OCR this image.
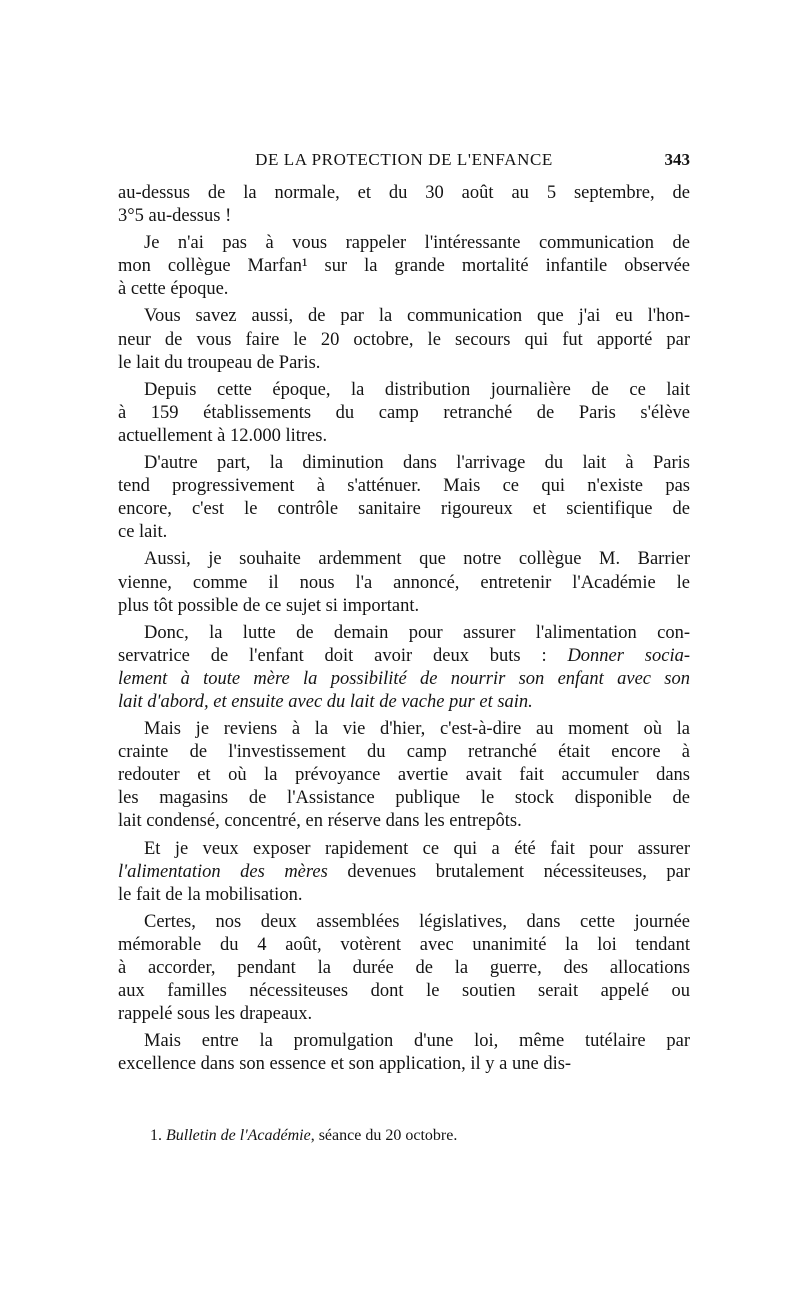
DE LA PROTECTION DE L'ENFANCE	343
au-dessus de la normale, et du 30 août au 5 septembre, de
3°5 au-dessus !
Je n'ai pas à vous rappeler l'intéressante communication de
mon collègue Marfan¹ sur la grande mortalité infantile observée
à cette époque.
Vous savez aussi, de par la communication que j'ai eu l'hon-
neur de vous faire le 20 octobre, le secours qui fut apporté par
le lait du troupeau de Paris.
Depuis cette époque, la distribution journalière de ce lait
à 159 établissements du camp retranché de Paris s'élève
actuellement à 12.000 litres.
D'autre part, la diminution dans l'arrivage du lait à Paris
tend progressivement à s'atténuer. Mais ce qui n'existe pas
encore, c'est le contrôle sanitaire rigoureux et scientifique de
ce lait.
Aussi, je souhaite ardemment que notre collègue M. Barrier
vienne, comme il nous l'a annoncé, entretenir l'Académie le
plus tôt possible de ce sujet si important.
Donc, la lutte de demain pour assurer l'alimentation con-
servatrice de l'enfant doit avoir deux buts : Donner socia-
lement à toute mère la possibilité de nourrir son enfant avec son
lait d'abord, et ensuite avec du lait de vache pur et sain.
Mais je reviens à la vie d'hier, c'est-à-dire au moment où la
crainte de l'investissement du camp retranché était encore à
redouter et où la prévoyance avertie avait fait accumuler dans
les magasins de l'Assistance publique le stock disponible de
lait condensé, concentré, en réserve dans les entrepôts.
Et je veux exposer rapidement ce qui a été fait pour assurer
l'alimentation des mères devenues brutalement nécessiteuses, par
le fait de la mobilisation.
Certes, nos deux assemblées législatives, dans cette journée
mémorable du 4 août, votèrent avec unanimité la loi tendant
à accorder, pendant la durée de la guerre, des allocations
aux familles nécessiteuses dont le soutien serait appelé ou
rappelé sous les drapeaux.
Mais entre la promulgation d'une loi, même tutélaire par
excellence dans son essence et son application, il y a une dis-
1. Bulletin de l'Académie, séance du 20 octobre.
